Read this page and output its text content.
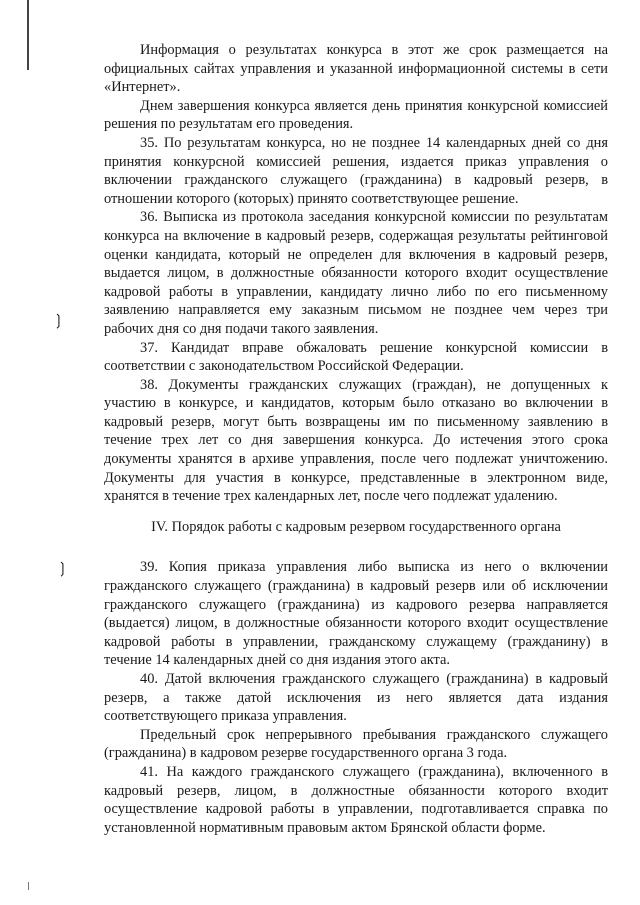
❳
❳

Информация о результатах конкурса в этот же срок размещается на официальных сайтах управления и указанной информационной системы в сети «Интернет».

Днем завершения конкурса является день принятия конкурсной комиссией решения по результатам его проведения.

35. По результатам конкурса, но не позднее 14 календарных дней со дня принятия конкурсной комиссией решения, издается приказ управления о включении гражданского служащего (гражданина) в кадровый резерв, в отношении которого (которых) принято соответствующее решение.

36. Выписка из протокола заседания конкурсной комиссии по результатам конкурса на включение в кадровый резерв, содержащая результаты рейтинговой оценки кандидата, который не определен для включения в кадровый резерв, выдается лицом, в должностные обязанности которого входит осуществление кадровой работы в управлении, кандидату лично либо по его письменному заявлению направляется ему заказным письмом не позднее чем через три рабочих дня со дня подачи такого заявления.

37. Кандидат вправе обжаловать решение конкурсной комиссии в соответствии с законодательством Российской Федерации.

38. Документы гражданских служащих (граждан), не допущенных к участию в конкурсе, и кандидатов, которым было отказано во включении в кадровый резерв, могут быть возвращены им по письменному заявлению в течение трех лет со дня завершения конкурса. До истечения этого срока документы хранятся в архиве управления, после чего подлежат уничтожению. Документы для участия в конкурсе, представленные в электронном виде, хранятся в течение трех календарных лет, после чего подлежат удалению.

IV. Порядок работы с кадровым резервом государственного органа

39. Копия приказа управления либо выписка из него о включении гражданского служащего (гражданина) в кадровый резерв или об исключении гражданского служащего (гражданина) из кадрового резерва направляется (выдается) лицом, в должностные обязанности которого входит осуществление кадровой работы в управлении, гражданскому служащему (гражданину) в течение 14 календарных дней со дня издания этого акта.

40. Датой включения гражданского служащего (гражданина) в кадровый резерв, а также датой исключения из него является дата издания соответствующего приказа управления.

Предельный срок непрерывного пребывания гражданского служащего (гражданина) в кадровом резерве государственного органа 3 года.

41. На каждого гражданского служащего (гражданина), включенного в кадровый резерв, лицом, в должностные обязанности которого входит осуществление кадровой работы в управлении, подготавливается справка по установленной нормативным правовым актом Брянской области форме.
